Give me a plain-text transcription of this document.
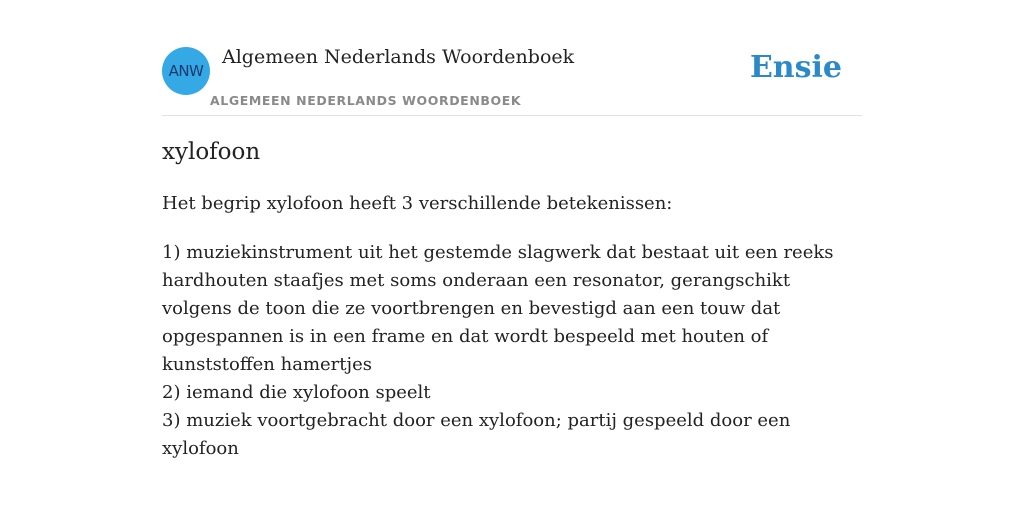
ANW
Algemeen Nederlands Woordenboek
ALGEMEEN NEDERLANDS WOORDENBOEK
Ensie
xylofoon
Het begrip xylofoon heeft 3 verschillende betekenissen:

1) muziekinstrument uit het gestemde slagwerk dat bestaat uit een reeks hardhouten staafjes met soms onderaan een resonator, gerangschikt volgens de toon die ze voortbrengen en bevestigd aan een touw dat opgespannen is in een frame en dat wordt bespeeld met houten of kunststoffen hamertjes

2) iemand die xylofoon speelt

3) muziek voortgebracht door een xylofoon; partij gespeeld door een xylofoon
